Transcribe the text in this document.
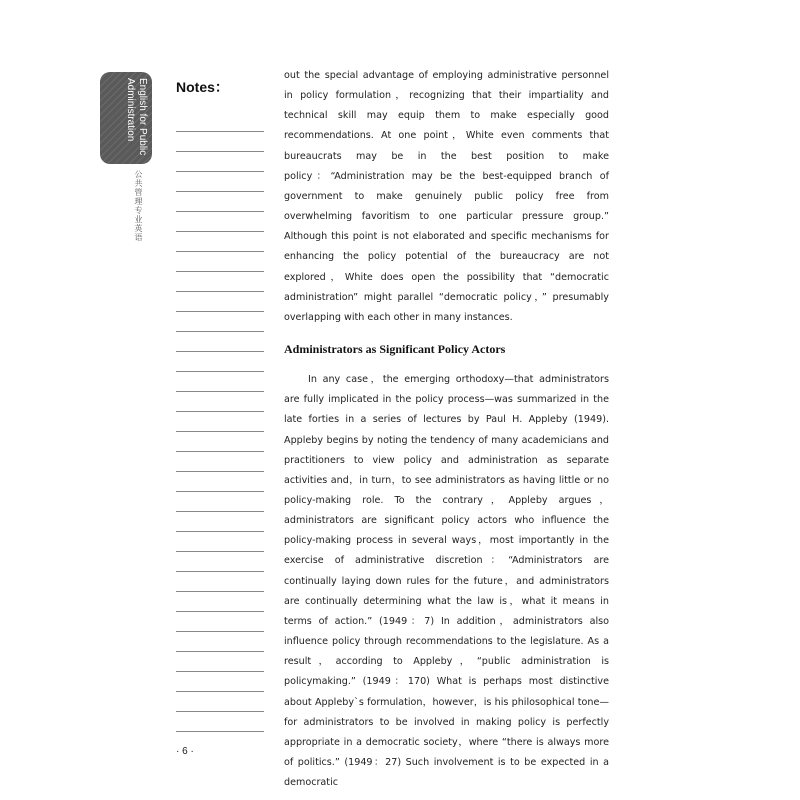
English for Public Administration
公共管理专业英语
Notes：

out the special advantage of employing administrative personnel in policy formulation，recognizing that their impartiality and technical skill may equip them to make especially good recommendations. At one point，White even comments that bureaucrats may be in the best position to make policy：“Administration may be the best-equipped branch of government to make genuinely public policy free from overwhelming favoritism to one particular pressure group.” Although this point is not elaborated and specific mechanisms for enhancing the policy potential of the bureaucracy are not explored，White does open the possibility that “democratic administration” might parallel “democratic policy，” presumably overlapping with each other in many instances.

Administrators as Significant Policy Actors

In any case，the emerging orthodoxy—that administrators are fully implicated in the policy process—was summarized in the late forties in a series of lectures by Paul H. Appleby (1949). Appleby begins by noting the tendency of many academicians and practitioners to view policy and administration as separate activities and，in turn，to see administrators as having little or no policy-making role. To the contrary，Appleby argues，administrators are significant policy actors who influence the policy-making process in several ways，most importantly in the exercise of administrative discretion：“Administrators are continually laying down rules for the future，and administrators are continually determining what the law is，what it means in terms of action.” (1949：7) In addition，administrators also influence policy through recommendations to the legislature. As a result，according to Appleby，“public administration is policymaking.” (1949：170) What is perhaps most distinctive about Appleby`s formulation，however，is his philosophical tone—for administrators to be involved in making policy is perfectly appropriate in a democratic society，where “there is always more of politics.” (1949：27) Such involvement is to be expected in a democratic

· 6 ·
